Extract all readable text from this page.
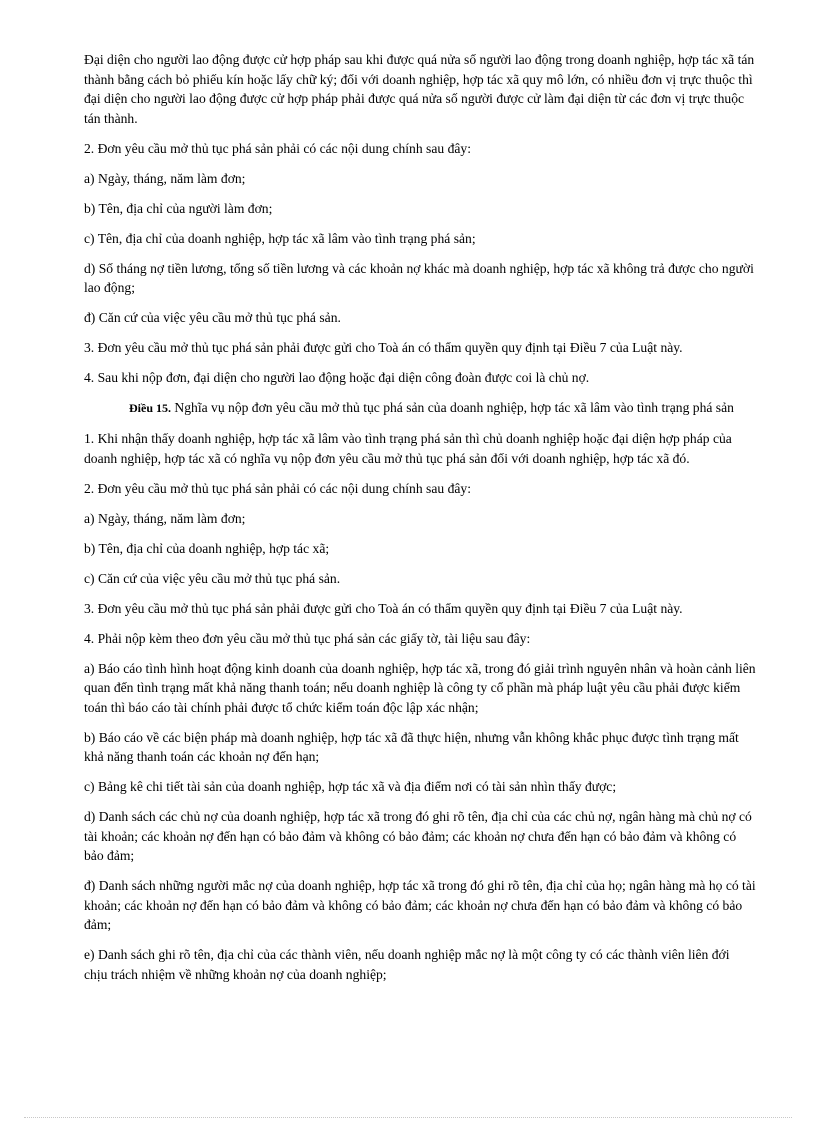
Đại diện cho người lao động được cử hợp pháp sau khi được quá nửa số người lao động trong doanh nghiệp, hợp tác xã tán thành bằng cách bỏ phiếu kín hoặc lấy chữ ký; đối với doanh nghiệp, hợp tác xã quy mô lớn, có nhiều đơn vị trực thuộc thì đại diện cho người lao động được cử hợp pháp phải được quá nửa số người được cử làm đại diện từ các đơn vị trực thuộc tán thành.

2. Đơn yêu cầu mở thủ tục phá sản phải có các nội dung chính sau đây:

a) Ngày, tháng, năm làm đơn;

b) Tên, địa chỉ của người làm đơn;

c) Tên, địa chỉ của doanh nghiệp, hợp tác xã lâm vào tình trạng phá sản;

d) Số tháng nợ tiền lương, tổng số tiền lương và các khoản nợ khác mà doanh nghiệp, hợp tác xã không trả được cho người lao động;

đ) Căn cứ của việc yêu cầu mở thủ tục phá sản.

3. Đơn yêu cầu mở thủ tục phá sản phải được gửi cho Toà án có thẩm quyền quy định tại Điều 7 của Luật này.

4. Sau khi nộp đơn, đại diện cho người lao động hoặc đại diện công đoàn được coi là chủ nợ.

Điều 15. Nghĩa vụ nộp đơn yêu cầu mở thủ tục phá sản của doanh nghiệp, hợp tác xã lâm vào tình trạng phá sản

1. Khi nhận thấy doanh nghiệp, hợp tác xã lâm vào tình trạng phá sản thì chủ doanh nghiệp hoặc đại diện hợp pháp của doanh nghiệp, hợp tác xã có nghĩa vụ nộp đơn yêu cầu mở thủ tục phá sản đối với doanh nghiệp, hợp tác xã đó.

2. Đơn yêu cầu mở thủ tục phá sản phải có các nội dung chính sau đây:

a) Ngày, tháng, năm làm đơn;

b) Tên, địa chỉ của doanh nghiệp, hợp tác xã;

c) Căn cứ của việc yêu cầu mở thủ tục phá sản.

3. Đơn yêu cầu mở thủ tục phá sản phải được gửi cho Toà án có thẩm quyền quy định tại Điều 7 của Luật này.

4. Phải nộp kèm theo đơn yêu cầu mở thủ tục phá sản các giấy tờ, tài liệu sau đây:

a) Báo cáo tình hình hoạt động kinh doanh của doanh nghiệp, hợp tác xã, trong đó giải trình nguyên nhân và hoàn cảnh liên quan đến tình trạng mất khả năng thanh toán; nếu doanh nghiệp là công ty cổ phần mà pháp luật yêu cầu phải được kiểm toán thì báo cáo tài chính phải được tổ chức kiểm toán độc lập xác nhận;

b) Báo cáo về các biện pháp mà doanh nghiệp, hợp tác xã đã thực hiện, nhưng vẫn không khắc phục được tình trạng mất khả năng thanh toán các khoản nợ đến hạn;

c) Bảng kê chi tiết tài sản của doanh nghiệp, hợp tác xã và địa điểm nơi có tài sản nhìn thấy được;

d) Danh sách các chủ nợ của doanh nghiệp, hợp tác xã trong đó ghi rõ tên, địa chỉ của các chủ nợ, ngân hàng mà chủ nợ có tài khoản; các khoản nợ đến hạn có bảo đảm và không có bảo đảm; các khoản nợ chưa đến hạn có bảo đảm và không có bảo đảm;

đ) Danh sách những người mắc nợ của doanh nghiệp, hợp tác xã trong đó ghi rõ tên, địa chỉ của họ; ngân hàng mà họ có tài khoản; các khoản nợ đến hạn có bảo đảm và không có bảo đảm; các khoản nợ chưa đến hạn có bảo đảm và không có bảo đảm;

e) Danh sách ghi rõ tên, địa chỉ của các thành viên, nếu doanh nghiệp mắc nợ là một công ty có các thành viên liên đới chịu trách nhiệm về những khoản nợ của doanh nghiệp;
